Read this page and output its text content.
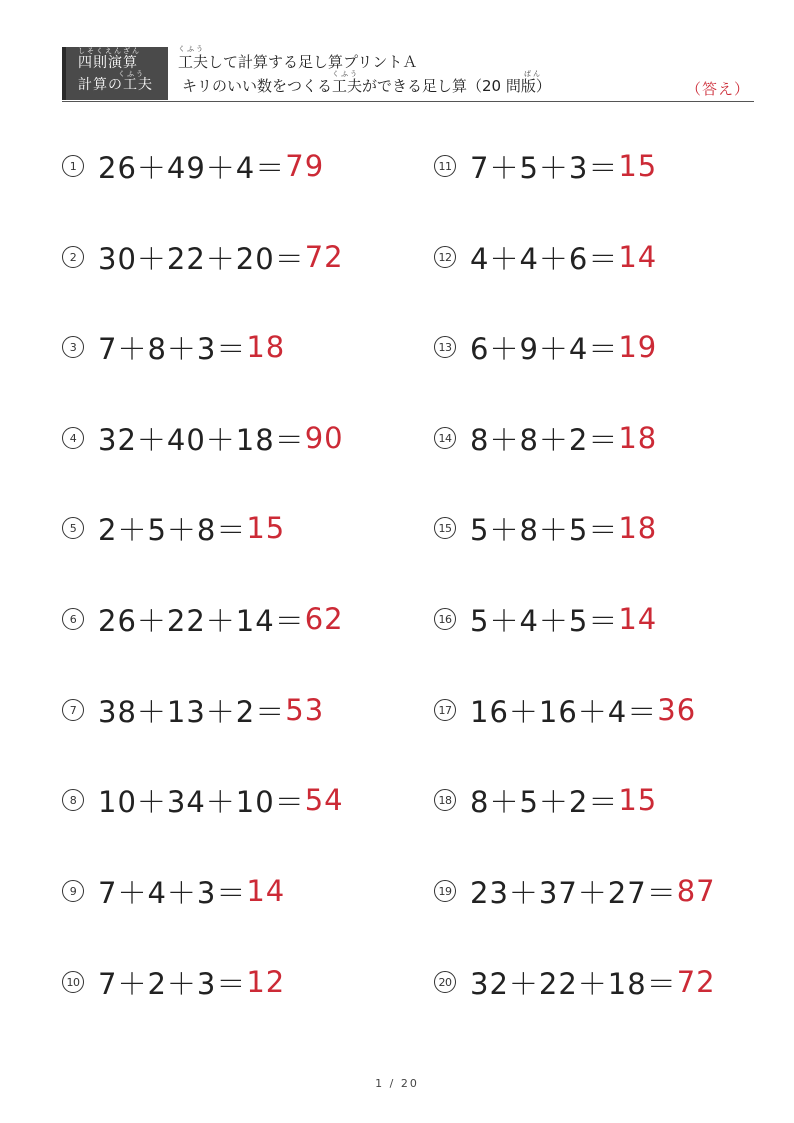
しそくえんざん
四則演算
くふう
計算の工夫
くふう
工夫して計算する足し算プリントＡ
くふう	ばん
キリのいい数をつくる工夫ができる足し算（20 問版）	（答え）
1 26＋49＋4＝ 79
2 30＋22＋20＝ 72
3 7＋8＋3＝ 18
4 32＋40＋18＝ 90
5 2＋5＋8＝ 15
6 26＋22＋14＝ 62
7 38＋13＋2＝ 53
8 10＋34＋10＝ 54
9 7＋4＋3＝ 14
10 7＋2＋3＝ 12
11 7＋5＋3＝ 15
12 4＋4＋6＝ 14
13 6＋9＋4＝ 19
14 8＋8＋2＝ 18
15 5＋8＋5＝ 18
16 5＋4＋5＝ 14
17 16＋16＋4＝ 36
18 8＋5＋2＝ 15
19 23＋37＋27＝ 87
20 32＋22＋18＝ 72
1 / 20
